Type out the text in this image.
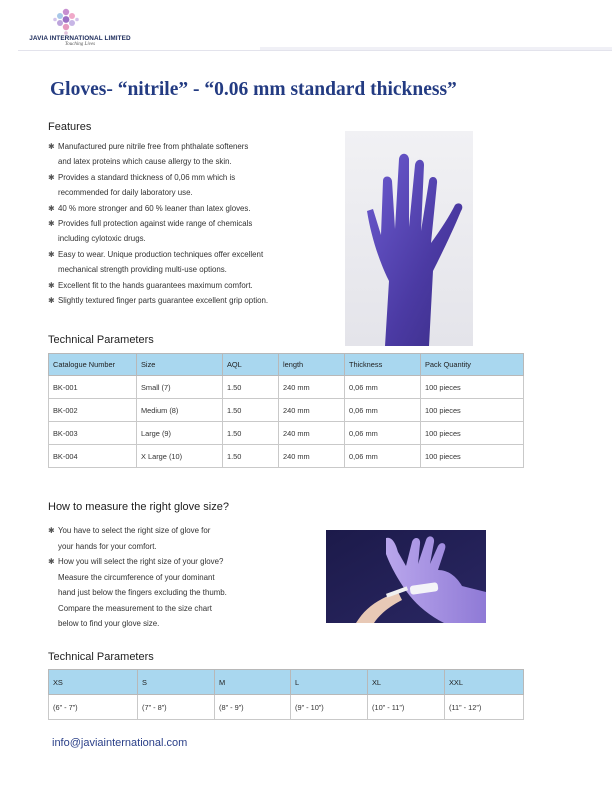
JAVIA INTERNATIONAL LIMITED
Touching Lives
Gloves- “nitrile” - “0.06 mm standard thickness”
Features
✱ Manufactured pure nitrile free from phthalate softeners
and latex proteins which cause allergy to the skin.
✱ Provides a standard thickness of 0,06 mm which is
recommended for daily laboratory use.
✱ 40 % more stronger and 60 % leaner than latex gloves.
✱ Provides full protection against wide range of chemicals
including cylotoxic drugs.
✱ Easy to wear. Unique production techniques offer excellent
mechanical strength providing multi-use options.
✱ Excellent fit to the hands guarantees maximum comfort.
✱ Slightly textured finger parts guarantee excellent grip option.
Technical Parameters
Catalogue Number	Size	AQL	length	Thickness	Pack Quantity
BK-001	Small (7)	1.50	240 mm	0,06 mm	100 pieces
BK-002	Medium (8)	1.50	240 mm	0,06 mm	100 pieces
BK-003	Large (9)	1.50	240 mm	0,06 mm	100 pieces
BK-004	X Large (10)	1.50	240 mm	0,06 mm	100 pieces
How to measure the right glove size?
✱ You have to select the right size of glove for
your hands for your comfort.
✱ How you will select the right size of your glove?
Measure the circumference of your dominant
hand just below the fingers excluding the thumb.
Compare the measurement to the size chart
below to find your glove size.
Technical Parameters
XS	S	M	L	XL	XXL
(6” - 7”)	(7” - 8”)	(8” - 9”)	(9” - 10”)	(10” - 11”)	(11” - 12”)
info@javiainternational.com
